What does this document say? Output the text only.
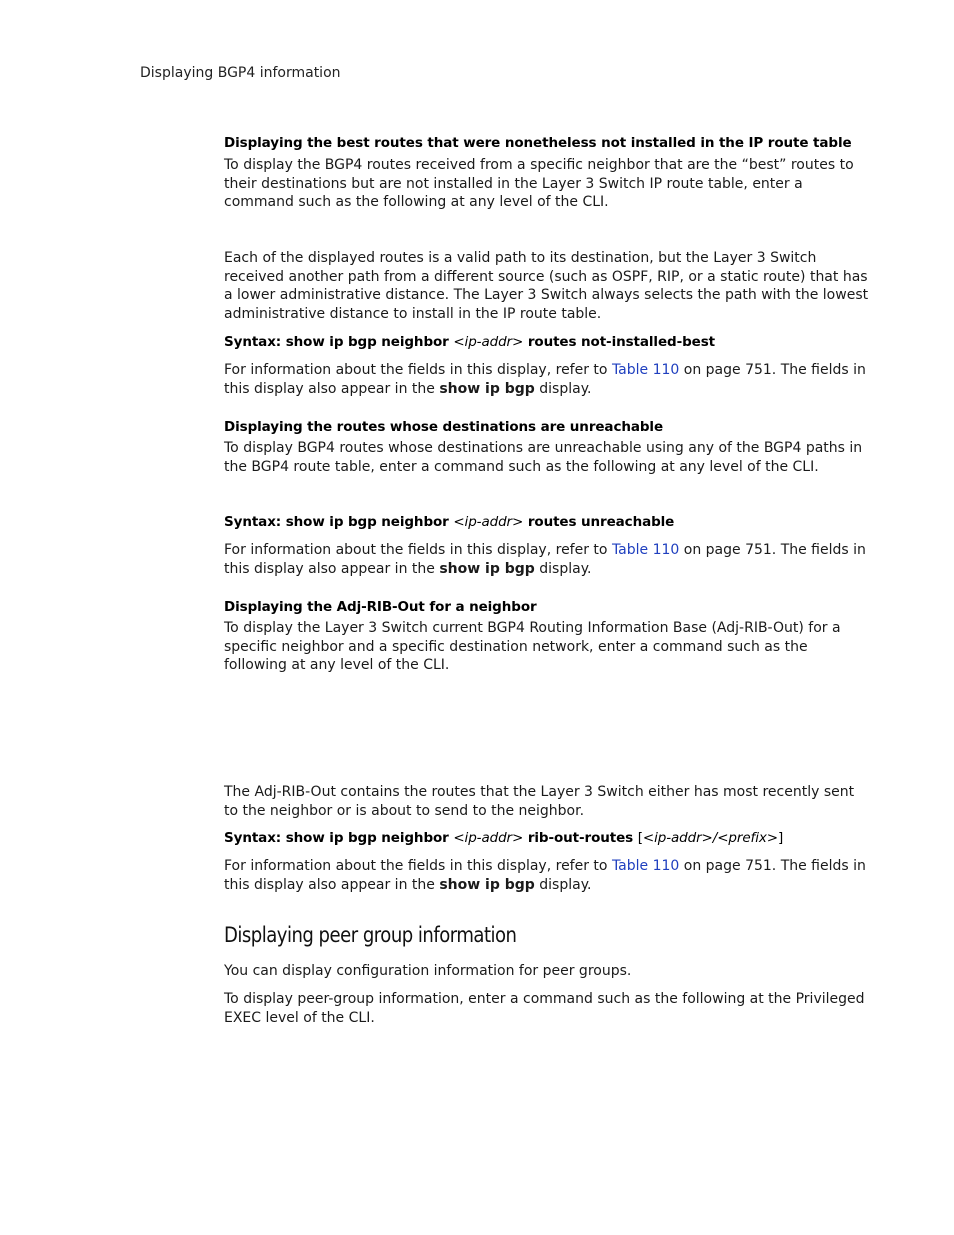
Displaying BGP4 information

Displaying the best routes that were nonetheless not installed in the IP route table

To display the BGP4 routes received from a specific neighbor that are the “best” routes to their destinations but are not installed in the Layer 3 Switch IP route table, enter a command such as the following at any level of the CLI.

Each of the displayed routes is a valid path to its destination, but the Layer 3 Switch received another path from a different source (such as OSPF, RIP, or a static route) that has a lower administrative distance. The Layer 3 Switch always selects the path with the lowest administrative distance to install in the IP route table.

Syntax: show ip bgp neighbor <ip-addr> routes not-installed-best

For information about the fields in this display, refer to Table 110 on page 751. The fields in this display also appear in the show ip bgp display.

Displaying the routes whose destinations are unreachable

To display BGP4 routes whose destinations are unreachable using any of the BGP4 paths in the BGP4 route table, enter a command such as the following at any level of the CLI.

Syntax: show ip bgp neighbor <ip-addr> routes unreachable

For information about the fields in this display, refer to Table 110 on page 751. The fields in this display also appear in the show ip bgp display.

Displaying the Adj-RIB-Out for a neighbor

To display the Layer 3 Switch current BGP4 Routing Information Base (Adj-RIB-Out) for a specific neighbor and a specific destination network, enter a command such as the following at any level of the CLI.

The Adj-RIB-Out contains the routes that the Layer 3 Switch either has most recently sent to the neighbor or is about to send to the neighbor.

Syntax: show ip bgp neighbor <ip-addr> rib-out-routes [<ip-addr>/<prefix>]

For information about the fields in this display, refer to Table 110 on page 751. The fields in this display also appear in the show ip bgp display.

Displaying peer group information

You can display configuration information for peer groups.

To display peer-group information, enter a command such as the following at the Privileged EXEC level of the CLI.
